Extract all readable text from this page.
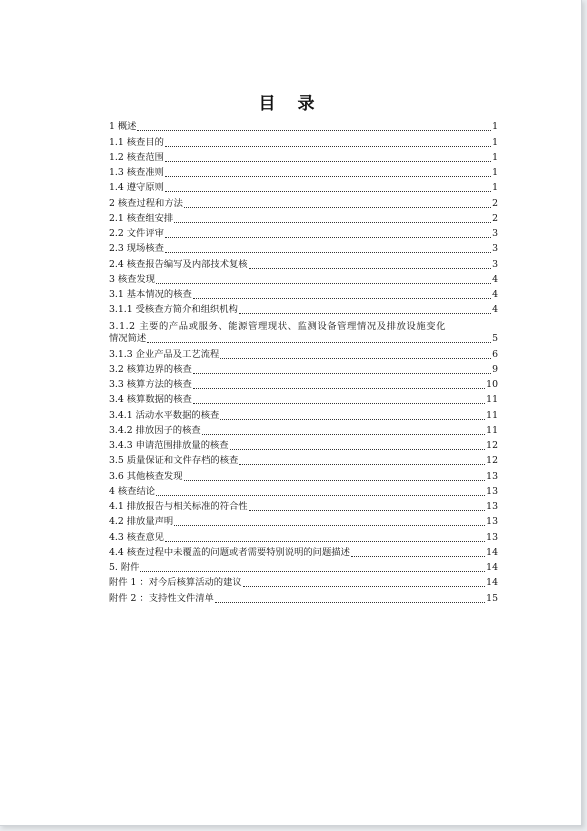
目 录
1 概述	1
1.1 核查目的	1
1.2 核查范围	1
1.3 核查准则	1
1.4 遵守原则	1
2 核查过程和方法	2
2.1 核查组安排	2
2.2 文件评审	3
2.3 现场核查	3
2.4 核查报告编写及内部技术复核	3
3 核查发现	4
3.1 基本情况的核查	4
3.1.1 受核查方简介和组织机构	4
3.1.2 主要的产品或服务、能源管理现状、监测设备管理情况及排放设施变化
情况简述	5
3.1.3 企业产品及工艺流程	6
3.2 核算边界的核查	9
3.3 核算方法的核查	10
3.4 核算数据的核查	11
3.4.1 活动水平数据的核查	11
3.4.2 排放因子的核查	11
3.4.3 申请范围排放量的核查	12
3.5 质量保证和文件存档的核查	12
3.6 其他核查发现	13
4 核查结论	13
4.1 排放报告与相关标准的符合性	13
4.2 排放量声明	13
4.3 核查意见	13
4.4 核查过程中未覆盖的问题或者需要特别说明的问题描述	14
5. 附件	14
附件 1 ：对今后核算活动的建议	14
附件 2 ：支持性文件清单	15
